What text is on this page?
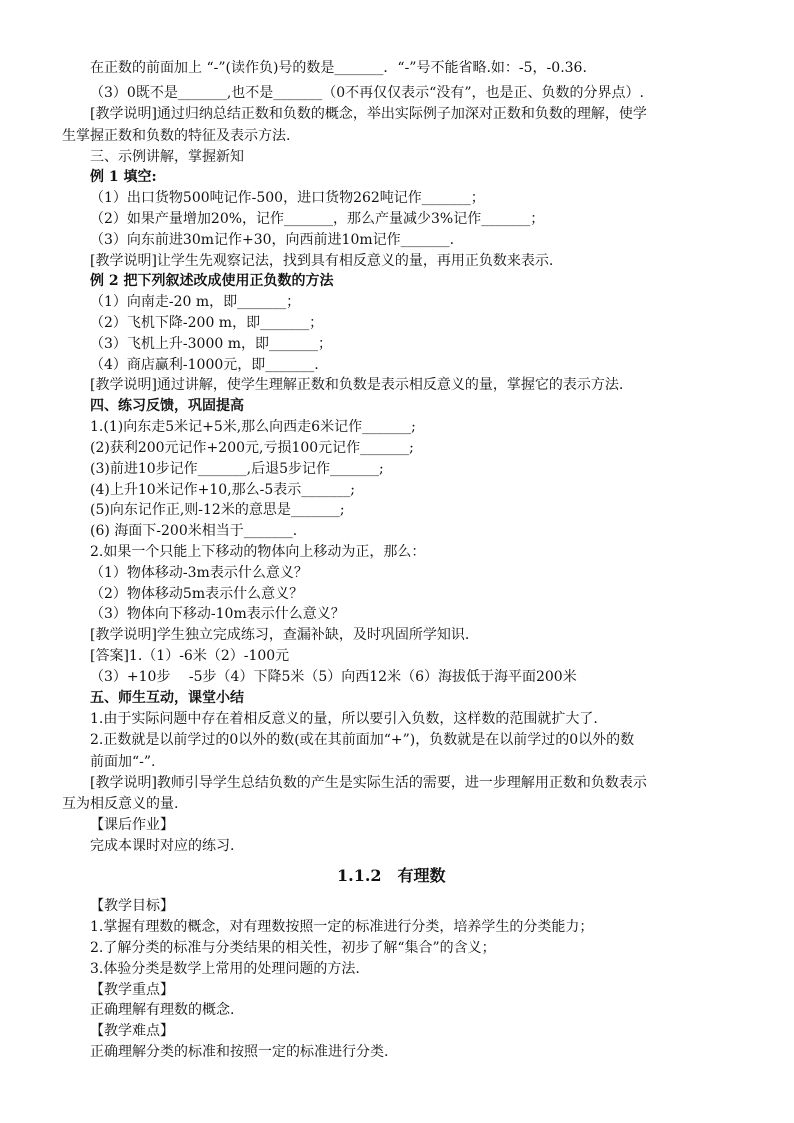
在正数的前面加上 “-”(读作负)号的数是_______．“-”号不能省略.如：-5，-0.36.
（3）0既不是_______,也不是_______（0不再仅仅表示“没有”，也是正、负数的分界点）.
[教学说明]通过归纳总结正数和负数的概念，举出实际例子加深对正数和负数的理解，使学
生掌握正数和负数的特征及表示方法.
三、示例讲解，掌握新知
例 1 填空:
（1）出口货物500吨记作-500，进口货物262吨记作_______；
（2）如果产量增加20%，记作_______，那么产量减少3%记作_______；
（3）向东前进30m记作+30，向西前进10m记作_______.
[教学说明]让学生先观察记法，找到具有相反意义的量，再用正负数来表示.
例 2 把下列叙述改成使用正负数的方法
（1）向南走-20 m，即_______；
（2）飞机下降-200 m，即_______；
（3）飞机上升-3000 m，即_______；
（4）商店赢利-1000元，即_______.
[教学说明]通过讲解，使学生理解正数和负数是表示相反意义的量，掌握它的表示方法.
四、练习反馈，巩固提高
1.(1)向东走5米记+5米,那么向西走6米记作_______;
(2)获利200元记作+200元,亏损100元记作_______;
(3)前进10步记作_______,后退5步记作_______;
(4)上升10米记作+10,那么-5表示_______;
(5)向东记作正,则-12米的意思是_______;
(6) 海面下-200米相当于_______.
2.如果一个只能上下移动的物体向上移动为正，那么：
（1）物体移动-3m表示什么意义？
（2）物体移动5m表示什么意义？
（3）物体向下移动-10m表示什么意义？
[教学说明]学生独立完成练习，查漏补缺，及时巩固所学知识.
[答案]1.（1）-6米（2）-100元
（3）+10步　 -5步（4）下降5米（5）向西12米（6）海拔低于海平面200米
五、师生互动，课堂小结
1.由于实际问题中存在着相反意义的量，所以要引入负数，这样数的范围就扩大了.
2.正数就是以前学过的0以外的数(或在其前面加“+”)，负数就是在以前学过的0以外的数
前面加“-”.
[教学说明]教师引导学生总结负数的产生是实际生活的需要，进一步理解用正数和负数表示
互为相反意义的量.
【课后作业】
完成本课时对应的练习.
1.1.2　有理数
【教学目标】
1.掌握有理数的概念，对有理数按照一定的标准进行分类，培养学生的分类能力；
2.了解分类的标准与分类结果的相关性，初步了解“集合”的含义；
3.体验分类是数学上常用的处理问题的方法.
【教学重点】
正确理解有理数的概念.
【教学难点】
正确理解分类的标准和按照一定的标准进行分类.
